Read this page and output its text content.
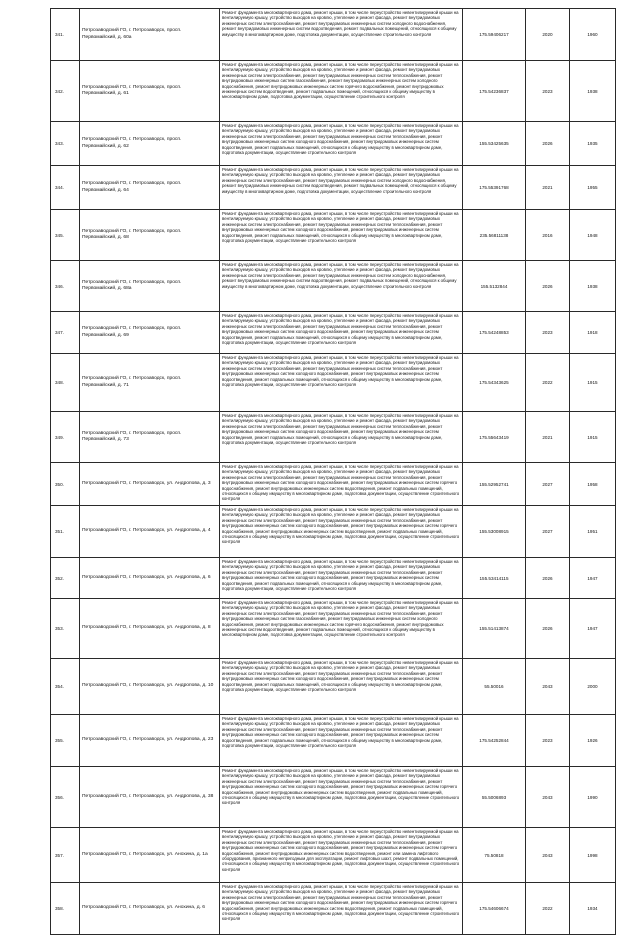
341.	Петрозаводский ГО, г. Петрозаводск, просп. Первомайский, д. 60а	Ремонт фундамента многоквартирного дома, ремонт крыши, в том числе переустройство невентилируемой крыши на вентилируемую крышу, устройство выходов на кровлю, утепление и ремонт фасада, ремонт внутридомовых инженерных систем электроснабжения, ремонт внутридомовых инженерных систем холодного водоснабжения, ремонт внутридомовых инженерных систем водоотведения, ремонт подвальных помещений, относящихся к общему имуществу в многоквартирном доме, подготовка документации, осуществление строительного контроля	175.59406217	2020	1960
342.	Петрозаводский ГО, г. Петрозаводск, просп. Первомайский, д. 61	Ремонт фундамента многоквартирного дома, ремонт крыши, в том числе переустройство невентилируемой крыши на вентилируемую крышу, устройство выходов на кровлю, утепление и ремонт фасада, ремонт внутридомовых инженерных систем электроснабжения, ремонт внутридомовых инженерных систем теплоснабжения, ремонт внутридомовых инженерных систем газоснабжения, ремонт внутридомовых инженерных систем холодного водоснабжения, ремонт внутридомовых инженерных систем горячего водоснабжения, ремонт внутридомовых инженерных систем водоотведения, ремонт подвальных помещений, относящихся к общему имуществу в многоквартирном доме, подготовка документации, осуществление строительного контроля	175.54236837	2023	1938
343.	Петрозаводский ГО, г. Петрозаводск, просп. Первомайский, д. 62	Ремонт фундамента многоквартирного дома, ремонт крыши, в том числе переустройство невентилируемой крыши на вентилируемую крышу, устройство выходов на кровлю, утепление и ремонт фасада, ремонт внутридомовых инженерных систем электроснабжения, ремонт внутридомовых инженерных систем теплоснабжения, ремонт внутридомовых инженерных систем холодного водоснабжения, ремонт внутридомовых инженерных систем водоотведения, ремонт подвальных помещений, относящихся к общему имуществу в многоквартирном доме, подготовка документации, осуществление строительного контроля	155.53425635	2026	1935
344.	Петрозаводский ГО, г. Петрозаводск, просп. Первомайский, д. 64	Ремонт фундамента многоквартирного дома, ремонт крыши, в том числе переустройство невентилируемой крыши на вентилируемую крышу, устройство выходов на кровлю, утепление и ремонт фасада, ремонт внутридомовых инженерных систем электроснабжения, ремонт внутридомовых инженерных систем холодного водоснабжения, ремонт внутридомовых инженерных систем водоотведения, ремонт подвальных помещений, относящихся к общему имуществу в многоквартирном доме, подготовка документации, осуществление строительного контроля	175.55391768	2021	1955
345.	Петрозаводский ГО, г. Петрозаводск, просп. Первомайский, д. 68	Ремонт фундамента многоквартирного дома, ремонт крыши, в том числе переустройство невентилируемой крыши на вентилируемую крышу, устройство выходов на кровлю, утепление и ремонт фасада, ремонт внутридомовых инженерных систем электроснабжения, ремонт внутридомовых инженерных систем теплоснабжения, ремонт внутридомовых инженерных систем холодного водоснабжения, ремонт внутридомовых инженерных систем водоотведения, ремонт подвальных помещений, относящихся к общему имуществу в многоквартирном доме, подготовка документации, осуществление строительного контроля	235.56811138	2016	1948
346.	Петрозаводский ГО, г. Петрозаводск, просп. Первомайский, д. 68а	Ремонт фундамента многоквартирного дома, ремонт крыши, в том числе переустройство невентилируемой крыши на вентилируемую крышу, устройство выходов на кровлю, утепление и ремонт фасада, ремонт внутридомовых инженерных систем электроснабжения, ремонт внутридомовых инженерных систем холодного водоснабжения, ремонт внутридомовых инженерных систем водоотведения, ремонт подвальных помещений, относящихся к общему имуществу в многоквартирном доме, подготовка документации, осуществление строительного контроля	155.5132844	2026	1938
347.	Петрозаводский ГО, г. Петрозаводск, просп. Первомайский, д. 69	Ремонт фундамента многоквартирного дома, ремонт крыши, в том числе переустройство невентилируемой крыши на вентилируемую крышу, устройство выходов на кровлю, утепление и ремонт фасада, ремонт внутридомовых инженерных систем электроснабжения, ремонт внутридомовых инженерных систем теплоснабжения, ремонт внутридомовых инженерных систем холодного водоснабжения, ремонт внутридомовых инженерных систем водоотведения, ремонт подвальных помещений, относящихся к общему имуществу в многоквартирном доме, подготовка документации, осуществление строительного контроля	175.54248853	2023	1918
348.	Петрозаводский ГО, г. Петрозаводск, просп. Первомайский, д. 71	Ремонт фундамента многоквартирного дома, ремонт крыши, в том числе переустройство невентилируемой крыши на вентилируемую крышу, устройство выходов на кровлю, утепление и ремонт фасада, ремонт внутридомовых инженерных систем электроснабжения, ремонт внутридомовых инженерных систем теплоснабжения, ремонт внутридомовых инженерных систем холодного водоснабжения, ремонт внутридомовых инженерных систем водоотведения, ремонт подвальных помещений, относящихся к общему имуществу в многоквартирном доме, подготовка документации, осуществление строительного контроля	175.54343625	2022	1915
349.	Петрозаводский ГО, г. Петрозаводск, просп. Первомайский, д. 73	Ремонт фундамента многоквартирного дома, ремонт крыши, в том числе переустройство невентилируемой крыши на вентилируемую крышу, устройство выходов на кровлю, утепление и ремонт фасада, ремонт внутридомовых инженерных систем электроснабжения, ремонт внутридомовых инженерных систем теплоснабжения, ремонт внутридомовых инженерных систем холодного водоснабжения, ремонт внутридомовых инженерных систем водоотведения, ремонт подвальных помещений, относящихся к общему имуществу в многоквартирном доме, подготовка документации, осуществление строительного контроля	175.55643419	2021	1915
350.	Петрозаводский ГО, г. Петрозаводск, ул. Андропова, д. 3	Ремонт фундамента многоквартирного дома, ремонт крыши, в том числе переустройство невентилируемой крыши на вентилируемую крышу, устройство выходов на кровлю, утепление и ремонт фасада, ремонт внутридомовых инженерных систем электроснабжения, ремонт внутридомовых инженерных систем теплоснабжения, ремонт внутридомовых инженерных систем холодного водоснабжения, ремонт внутридомовых инженерных систем горячего водоснабжения, ремонт внутридомовых инженерных систем водоотведения, ремонт подвальных помещений, относящихся к общему имуществу в многоквартирном доме, подготовка документации, осуществление строительного контроля	155.52952741	2027	1958
351.	Петрозаводский ГО, г. Петрозаводск, ул. Андропова, д. 4	Ремонт фундамента многоквартирного дома, ремонт крыши, в том числе переустройство невентилируемой крыши на вентилируемую крышу, устройство выходов на кровлю, утепление и ремонт фасада, ремонт внутридомовых инженерных систем электроснабжения, ремонт внутридомовых инженерных систем теплоснабжения, ремонт внутридомовых инженерных систем холодного водоснабжения, ремонт внутридомовых инженерных систем горячего водоснабжения, ремонт внутридомовых инженерных систем водоотведения, ремонт подвальных помещений, относящихся к общему имуществу в многоквартирном доме, подготовка документации, осуществление строительного контроля	155.53008915	2027	1951
352.	Петрозаводский ГО, г. Петрозаводск, ул. Андропова, д. 6	Ремонт фундамента многоквартирного дома, ремонт крыши, в том числе переустройство невентилируемой крыши на вентилируемую крышу, устройство выходов на кровлю, утепление и ремонт фасада, ремонт внутридомовых инженерных систем электроснабжения, ремонт внутридомовых инженерных систем теплоснабжения, ремонт внутридомовых инженерных систем холодного водоснабжения, ремонт внутридомовых инженерных систем водоотведения, ремонт подвальных помещений, относящихся к общему имуществу в многоквартирном доме, подготовка документации, осуществление строительного контроля	155.53414115	2026	1947
353.	Петрозаводский ГО, г. Петрозаводск, ул. Андропова, д. 8	Ремонт фундамента многоквартирного дома, ремонт крыши, в том числе переустройство невентилируемой крыши на вентилируемую крышу, устройство выходов на кровлю, утепление и ремонт фасада, ремонт внутридомовых инженерных систем электроснабжения, ремонт внутридомовых инженерных систем теплоснабжения, ремонт внутридомовых инженерных систем газоснабжения, ремонт внутридомовых инженерных систем холодного водоснабжения, ремонт внутридомовых инженерных систем горячего водоснабжения, ремонт внутридомовых инженерных систем водоотведения, ремонт подвальных помещений, относящихся к общему имуществу в многоквартирном доме, подготовка документации, осуществление строительного контроля	155.51413874	2026	1947
354.	Петрозаводский ГО, г. Петрозаводск, ул. Андропова, д. 10	Ремонт фундамента многоквартирного дома, ремонт крыши, в том числе переустройство невентилируемой крыши на вентилируемую крышу, устройство выходов на кровлю, утепление и ремонт фасада, ремонт внутридомовых инженерных систем электроснабжения, ремонт внутридомовых инженерных систем теплоснабжения, ремонт внутридомовых инженерных систем холодного водоснабжения, ремонт внутридомовых инженерных систем водоотведения, ремонт подвальных помещений, относящихся к общему имуществу в многоквартирном доме, подготовка документации, осуществление строительного контроля	55.50016	2043	2000
355.	Петрозаводский ГО, г. Петрозаводск, ул. Андропова, д. 23	Ремонт фундамента многоквартирного дома, ремонт крыши, в том числе переустройство невентилируемой крыши на вентилируемую крышу, устройство выходов на кровлю, утепление и ремонт фасада, ремонт внутридомовых инженерных систем электроснабжения, ремонт внутридомовых инженерных систем теплоснабжения, ремонт внутридомовых инженерных систем холодного водоснабжения, ремонт внутридомовых инженерных систем водоотведения, ремонт подвальных помещений, относящихся к общему имуществу в многоквартирном доме, подготовка документации, осуществление строительного контроля	175.54252844	2023	1926
356.	Петрозаводский ГО, г. Петрозаводск, ул. Андропова, д. 38	Ремонт фундамента многоквартирного дома, ремонт крыши, в том числе переустройство невентилируемой крыши на вентилируемую крышу, устройство выходов на кровлю, утепление и ремонт фасада, ремонт внутридомовых инженерных систем электроснабжения, ремонт внутридомовых инженерных систем теплоснабжения, ремонт внутридомовых инженерных систем холодного водоснабжения, ремонт внутридомовых инженерных систем горячего водоснабжения, ремонт внутридомовых инженерных систем водоотведения, ремонт подвальных помещений, относящихся к общему имуществу в многоквартирном доме, подготовка документации, осуществление строительного контроля	55.5006893	2043	1990
357.	Петрозаводский ГО, г. Петрозаводск, ул. Анохина, д. 1а	Ремонт фундамента многоквартирного дома, ремонт крыши, в том числе переустройство невентилируемой крыши на вентилируемую крышу, устройство выходов на кровлю, утепление и ремонт фасада, ремонт внутридомовых инженерных систем электроснабжения, ремонт внутридомовых инженерных систем теплоснабжения, ремонт внутридомовых инженерных систем холодного водоснабжения, ремонт внутридомовых инженерных систем горячего водоснабжения, ремонт внутридомовых инженерных систем водоотведения, ремонт или замена лифтового оборудования, признанного непригодным для эксплуатации, ремонт лифтовых шахт, ремонт подвальных помещений, относящихся к общему имуществу в многоквартирном доме, подготовка документации, осуществление строительного контроля	75.50818	2043	1998
358.	Петрозаводский ГО, г. Петрозаводск, ул. Анохина, д. 6	Ремонт фундамента многоквартирного дома, ремонт крыши, в том числе переустройство невентилируемой крыши на вентилируемую крышу, устройство выходов на кровлю, утепление и ремонт фасада, ремонт внутридомовых инженерных систем электроснабжения, ремонт внутридомовых инженерных систем теплоснабжения, ремонт внутридомовых инженерных систем холодного водоснабжения, ремонт внутридомовых инженерных систем горячего водоснабжения, ремонт внутридомовых инженерных систем водоотведения, ремонт подвальных помещений, относящихся к общему имуществу в многоквартирном доме, подготовка документации, осуществление строительного контроля	175.54606674	2022	1934
